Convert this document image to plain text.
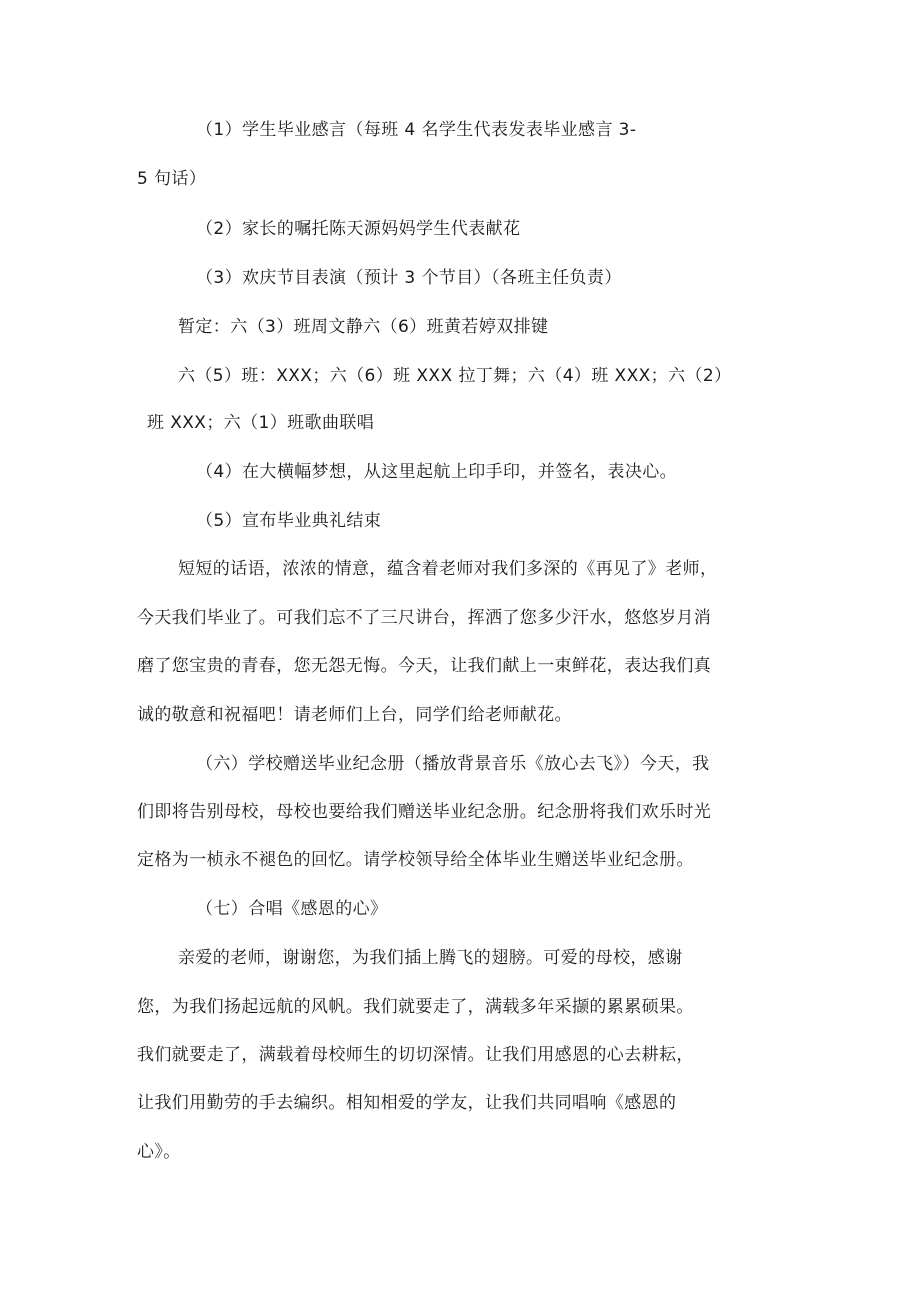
（1）学生毕业感言（每班 4 名学生代表发表毕业感言 3-
5 句话）
（2）家长的嘱托陈天源妈妈学生代表献花
（3）欢庆节目表演（预计 3 个节目）（各班主任负责）
暂定：六（3）班周文静六（6）班黄若婷双排键
六（5）班：XXX；六（6）班 XXX 拉丁舞；六（4）班 XXX；六（2）
班 XXX；六（1）班歌曲联唱
（4）在大横幅梦想，从这里起航上印手印，并签名，表决心。
（5）宣布毕业典礼结束
短短的话语，浓浓的情意，蕴含着老师对我们多深的《再见了》老师，
今天我们毕业了。可我们忘不了三尺讲台，挥洒了您多少汗水，悠悠岁月消
磨了您宝贵的青春，您无怨无悔。今天，让我们献上一束鲜花，表达我们真
诚的敬意和祝福吧！请老师们上台，同学们给老师献花。
（六）学校赠送毕业纪念册（播放背景音乐《放心去飞》）今天，我
们即将告别母校，母校也要给我们赠送毕业纪念册。纪念册将我们欢乐时光
定格为一桢永不褪色的回忆。请学校领导给全体毕业生赠送毕业纪念册。
（七）合唱《感恩的心》
亲爱的老师，谢谢您，为我们插上腾飞的翅膀。可爱的母校，感谢
您，为我们扬起远航的风帆。我们就要走了，满载多年采撷的累累硕果。
我们就要走了，满载着母校师生的切切深情。让我们用感恩的心去耕耘，
让我们用勤劳的手去编织。相知相爱的学友，让我们共同唱响《感恩的
心》。
